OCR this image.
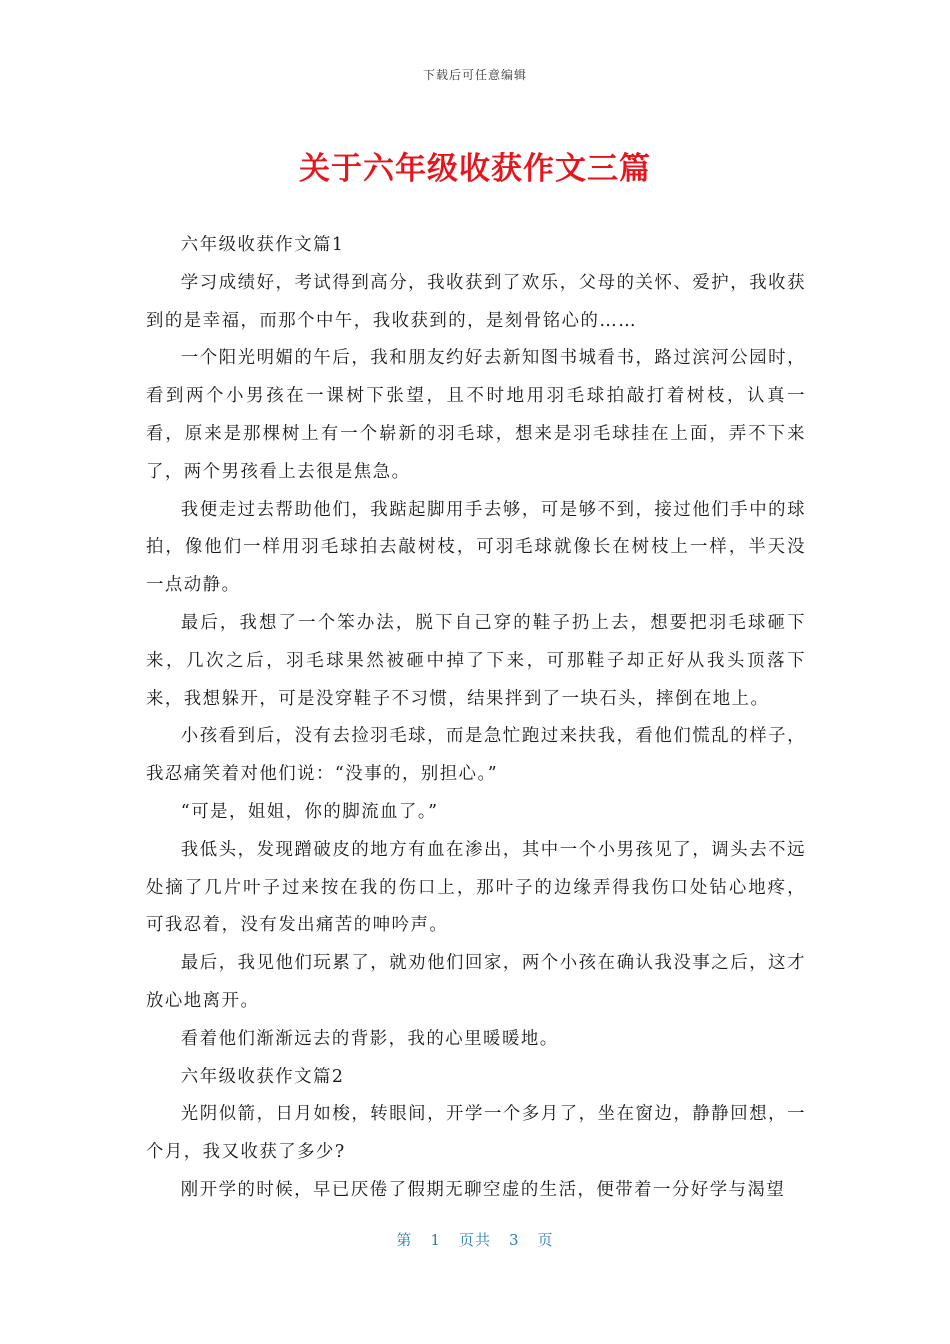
下载后可任意编辑
关于六年级收获作文三篇

六年级收获作文篇1

学习成绩好，考试得到高分，我收获到了欢乐，父母的关怀、爱护，我收获到的是幸福，而那个中午，我收获到的，是刻骨铭心的……

一个阳光明媚的午后，我和朋友约好去新知图书城看书，路过滨河公园时，看到两个小男孩在一课树下张望，且不时地用羽毛球拍敲打着树枝，认真一看，原来是那棵树上有一个崭新的羽毛球，想来是羽毛球挂在上面，弄不下来了，两个男孩看上去很是焦急。

我便走过去帮助他们，我踮起脚用手去够，可是够不到，接过他们手中的球拍，像他们一样用羽毛球拍去敲树枝，可羽毛球就像长在树枝上一样，半天没一点动静。

最后，我想了一个笨办法，脱下自己穿的鞋子扔上去，想要把羽毛球砸下来，几次之后，羽毛球果然被砸中掉了下来，可那鞋子却正好从我头顶落下来，我想躲开，可是没穿鞋子不习惯，结果拌到了一块石头，摔倒在地上。

小孩看到后，没有去捡羽毛球，而是急忙跑过来扶我，看他们慌乱的样子，我忍痛笑着对他们说：“没事的，别担心。”

“可是，姐姐，你的脚流血了。”

我低头，发现蹭破皮的地方有血在渗出，其中一个小男孩见了，调头去不远处摘了几片叶子过来按在我的伤口上，那叶子的边缘弄得我伤口处钻心地疼，可我忍着，没有发出痛苦的呻吟声。

最后，我见他们玩累了，就劝他们回家，两个小孩在确认我没事之后，这才放心地离开。

看着他们渐渐远去的背影，我的心里暖暖地。

六年级收获作文篇2

光阴似箭，日月如梭，转眼间，开学一个多月了，坐在窗边，静静回想，一个月，我又收获了多少?

刚开学的时候，早已厌倦了假期无聊空虚的生活，便带着一分好学与渴望

第 1 页共 3 页
